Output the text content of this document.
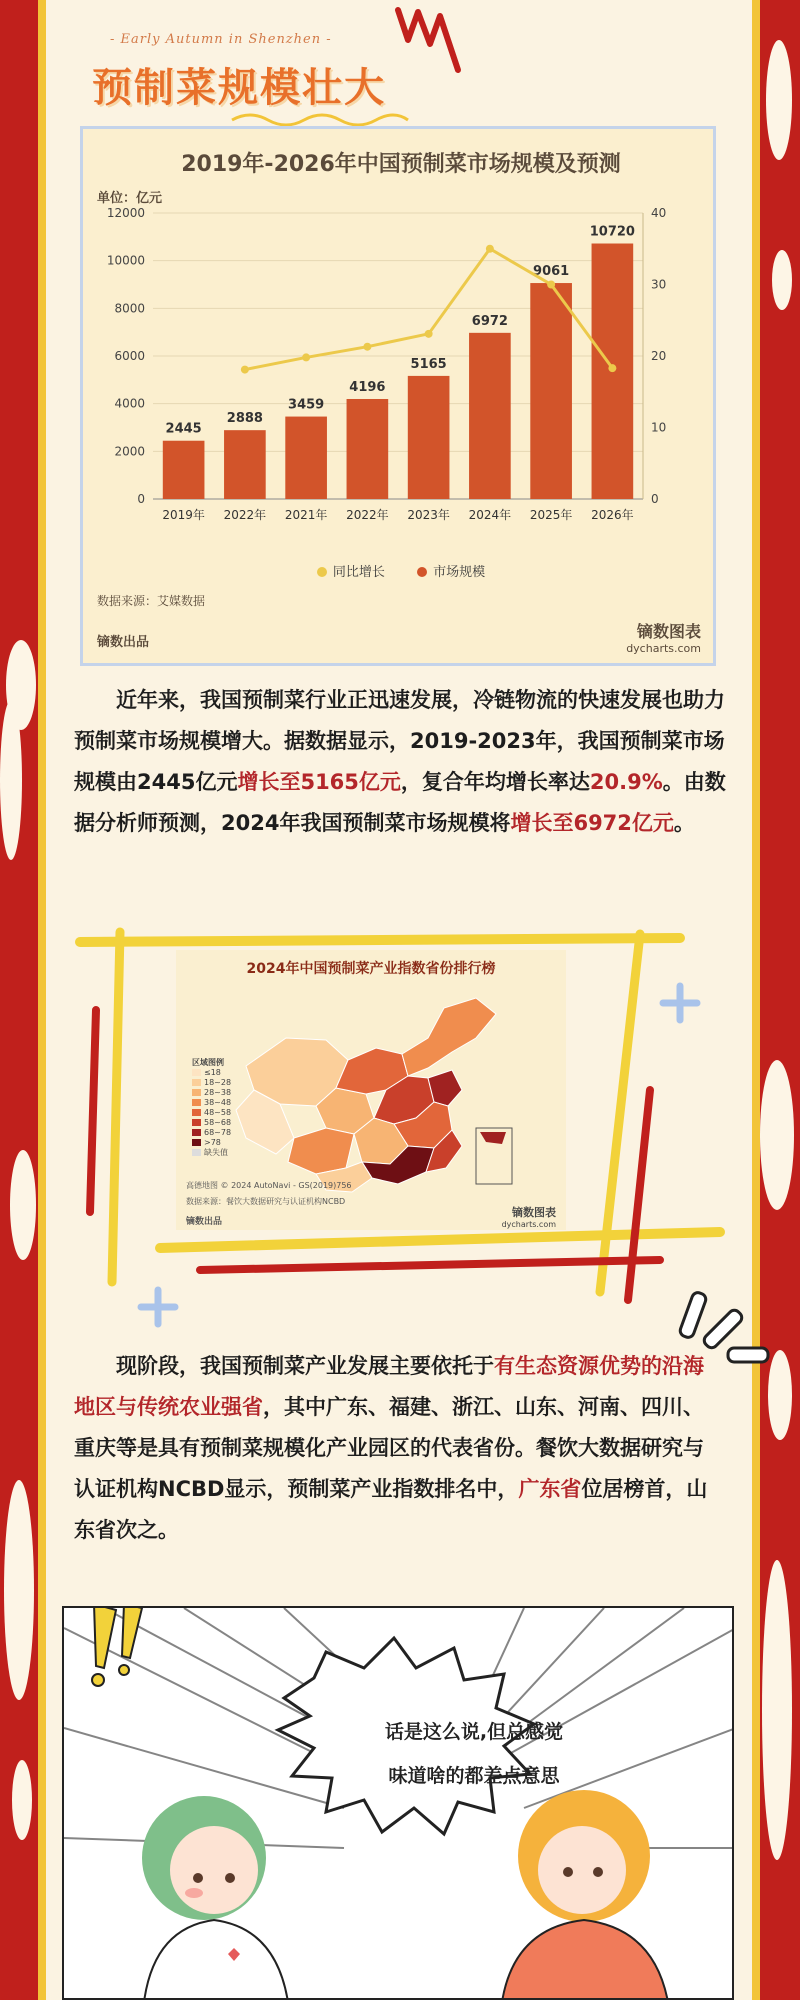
- Early Autumn in Shenzhen -
预制菜规模壮大
2019年-2026年中国预制菜市场规模及预测
单位：亿元
0
2000
4000
6000
8000
10000
12000
0
10
20
30
40
2445
2019年
2888
2022年
3459
2021年
4196
2022年
5165
2023年
6972
2024年
9061
2025年
10720
2026年
同比增长	市场规模
数据来源：艾媒数据
镝数出品
镝数图表
dycharts.com
近年来，我国预制菜行业正迅速发展，冷链物流的快速发展也助力预制菜市场规模增大。据数据显示，2019-2023年，我国预制菜市场规模由2445亿元增长至5165亿元，复合年均增长率达20.9%。由数据分析师预测，2024年我国预制菜市场规模将增长至6972亿元。
2024年中国预制菜产业指数省份排行榜
区域图例
≤18
18~28
28~38
38~48
48~58
58~68
68~78
>78
缺失值
高德地图 © 2024 AutoNavi - GS(2019)756
数据来源：餐饮大数据研究与认证机构NCBD
镝数出品
镝数图表
dycharts.com
现阶段，我国预制菜产业发展主要依托于有生态资源优势的沿海地区与传统农业强省，其中广东、福建、浙江、山东、河南、四川、重庆等是具有预制菜规模化产业园区的代表省份。餐饮大数据研究与认证机构NCBD显示，预制菜产业指数排名中，广东省位居榜首，山东省次之。
话是这么说,但总感觉
味道啥的都差点意思
